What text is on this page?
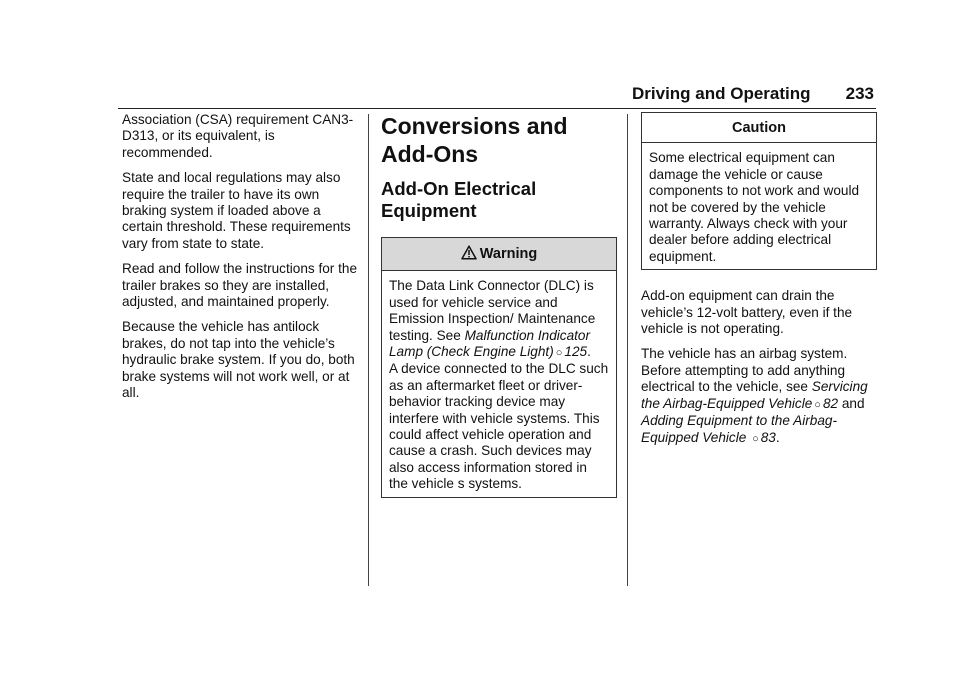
Driving and Operating 233

Association (CSA) requirement CAN3-D313, or its equivalent, is recommended.

State and local regulations may also require the trailer to have its own braking system if loaded above a certain threshold. These requirements vary from state to state.

Read and follow the instructions for the trailer brakes so they are installed, adjusted, and maintained properly.

Because the vehicle has antilock brakes, do not tap into the vehicle’s hydraulic brake system. If you do, both brake systems will not work well, or at all.

Conversions and Add-Ons
Add-On Electrical Equipment
Warning

The Data Link Connector (DLC) is used for vehicle service and Emission Inspection/ Maintenance testing. See Malfunction Indicator Lamp (Check Engine Light) ○ 125.

A device connected to the DLC such as an aftermarket fleet or driver-behavior tracking device may interfere with vehicle systems. This could affect vehicle operation and cause a crash. Such devices may also access information stored in the vehicle s systems.

Caution

Some electrical equipment can damage the vehicle or cause components to not work and would not be covered by the vehicle warranty. Always check with your dealer before adding electrical equipment.

Add-on equipment can drain the vehicle’s 12-volt battery, even if the vehicle is not operating.

The vehicle has an airbag system. Before attempting to add anything electrical to the vehicle, see Servicing the Airbag-Equipped Vehicle ○ 82 and Adding Equipment to the Airbag-Equipped Vehicle ○ 83.
